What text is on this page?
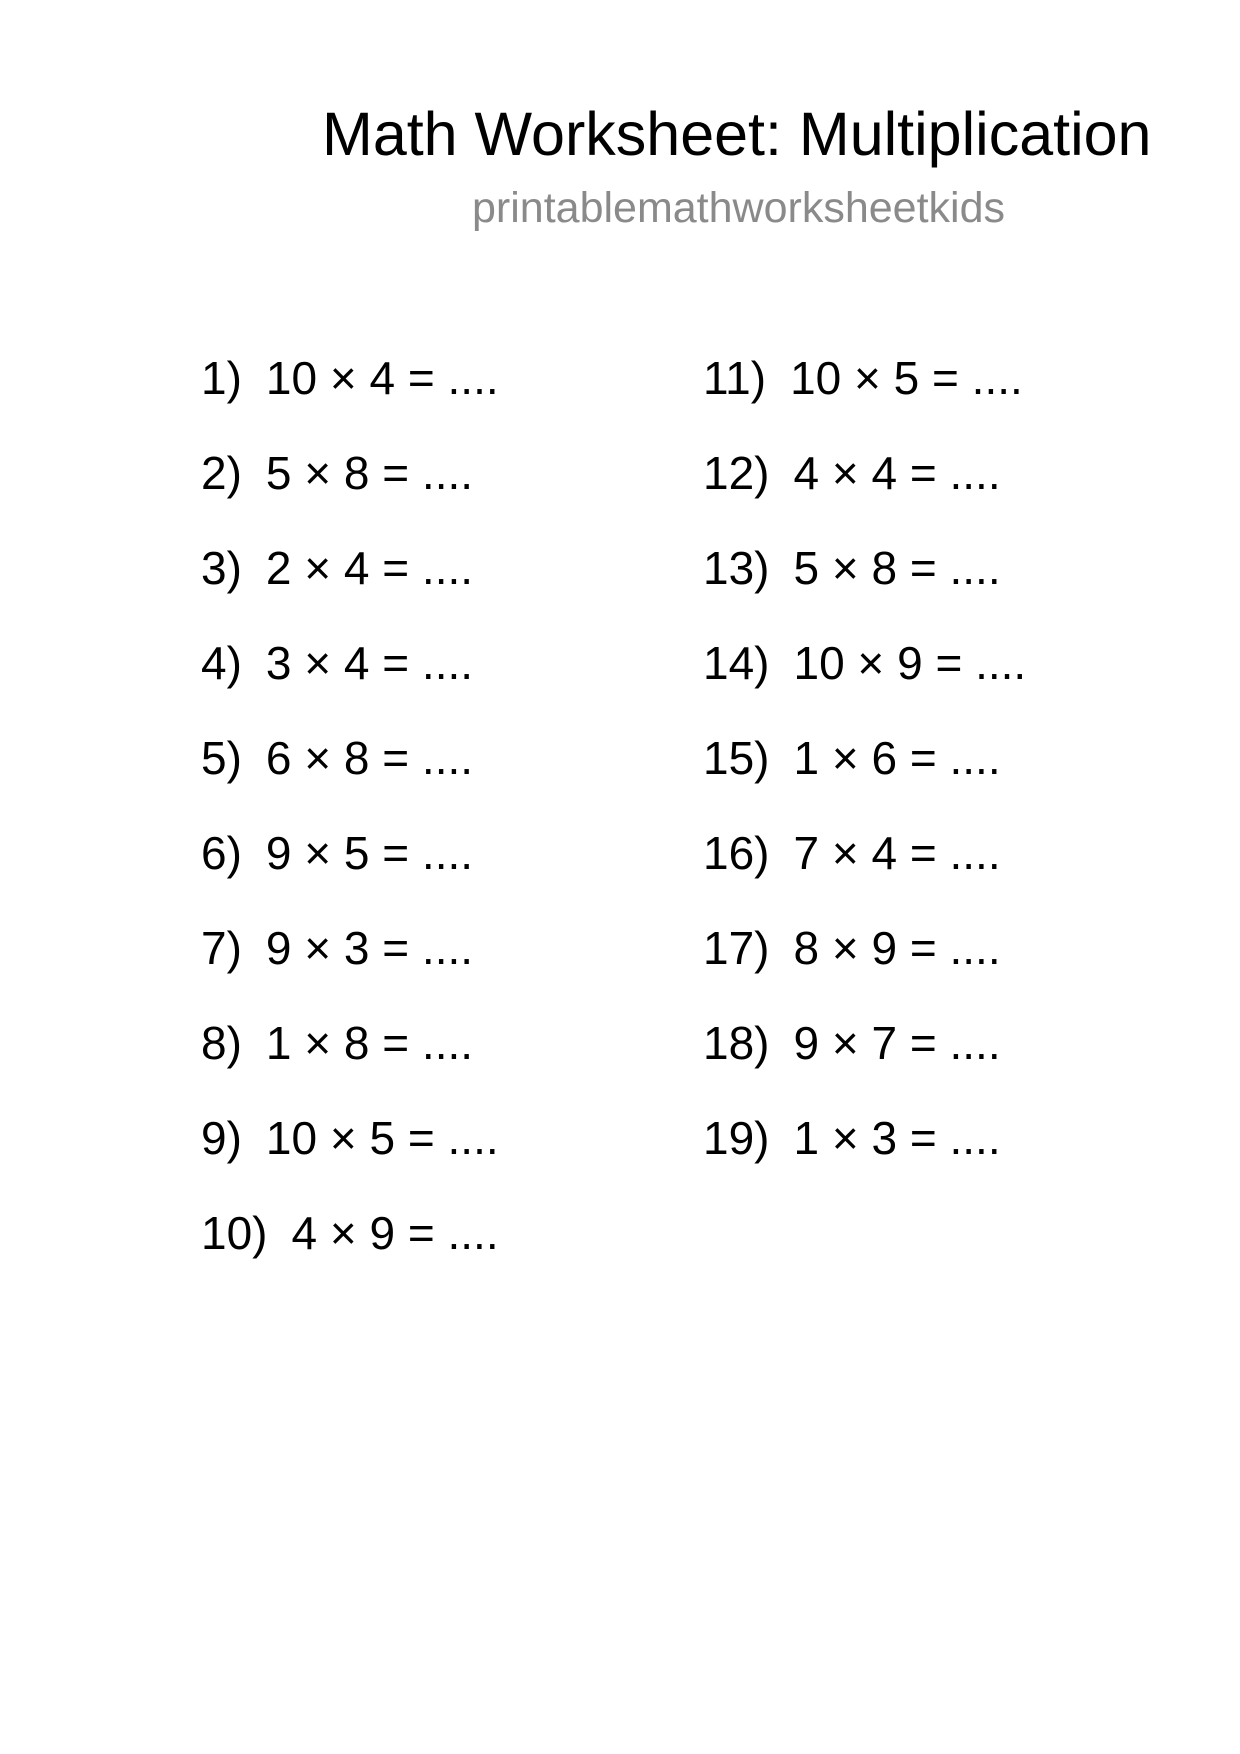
Math Worksheet: Multiplication
printablemathworksheetkids
1) 10 × 4 = ....
2) 5 × 8 = ....
3) 2 × 4 = ....
4) 3 × 4 = ....
5) 6 × 8 = ....
6) 9 × 5 = ....
7) 9 × 3 = ....
8) 1 × 8 = ....
9) 10 × 5 = ....
10) 4 × 9 = ....
11) 10 × 5 = ....
12) 4 × 4 = ....
13) 5 × 8 = ....
14) 10 × 9 = ....
15) 1 × 6 = ....
16) 7 × 4 = ....
17) 8 × 9 = ....
18) 9 × 7 = ....
19) 1 × 3 = ....
